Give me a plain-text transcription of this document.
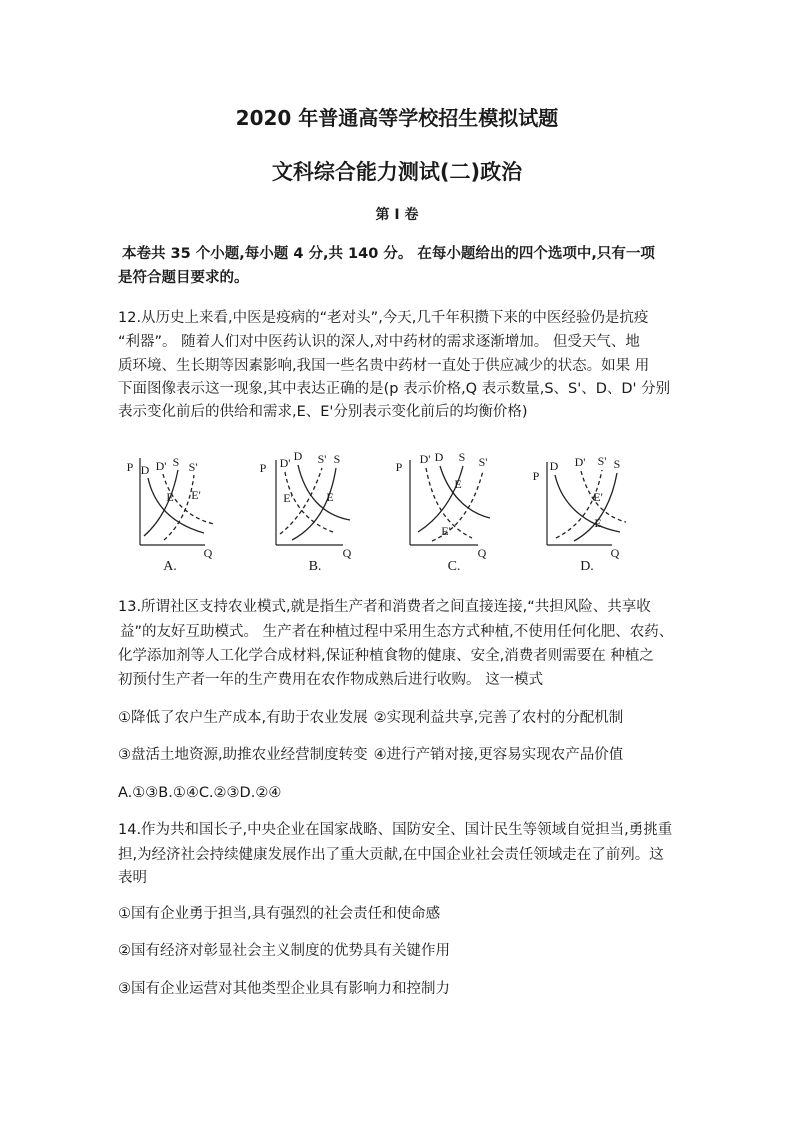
2020 年普通高等学校招生模拟试题
文科综合能力测试(二)政治
第 I 卷
本卷共 35 个小题,每小题 4 分,共 140 分。 在每小题给出的四个选项中,只有一项
是符合题目要求的。
12.从历史上来看,中医是疫病的“老对头”,今天,几千年积攒下来的中医经验仍是抗疫
“利器”。 随着人们对中医药认识的深人,对中药材的需求逐渐增加。 但受天气、地
质环境、生长期等因素影响,我国一些名贵中药材一直处于供应减少的状态。如果 用
下面图像表示这一现象,其中表达正确的是(p 表示价格,Q 表示数量,S、S'、D、D' 分别
表示变化前后的供给和需求,E、E'分别表示变化前后的均衡价格)
P
Q
D D' S S'
E E'
A.
P
Q
D' D S' S
E'	E
B.
P
Q
D' D S S'
E
E'
C.
P
Q
D D' S' S
E'
E
D.
13.所谓社区支持农业模式,就是指生产者和消费者之间直接连接,“共担风险、共享收
益”的友好互助模式。 生产者在种植过程中采用生态方式种植,不使用任何化肥、农药、
化学添加剂等人工化学合成材料,保证种植食物的健康、安全,消费者则需要在 种植之
初预付生产者一年的生产费用在农作物成熟后进行收购。 这一模式
①降低了农户生产成本,有助于农业发展 ②实现利益共享,完善了农村的分配机制
③盘活土地资源,助推农业经营制度转变 ④进行产销对接,更容易实现农产品价值
A.①③B.①④C.②③D.②④
14.作为共和国长子,中央企业在国家战略、国防安全、国计民生等领域自觉担当,勇挑重
担,为经济社会持续健康发展作出了重大贡献,在中国企业社会责任领域走在了前列。这
表明
①国有企业勇于担当,具有强烈的社会责任和使命感
②国有经济对彰显社会主义制度的优势具有关键作用
③国有企业运营对其他类型企业具有影响力和控制力
